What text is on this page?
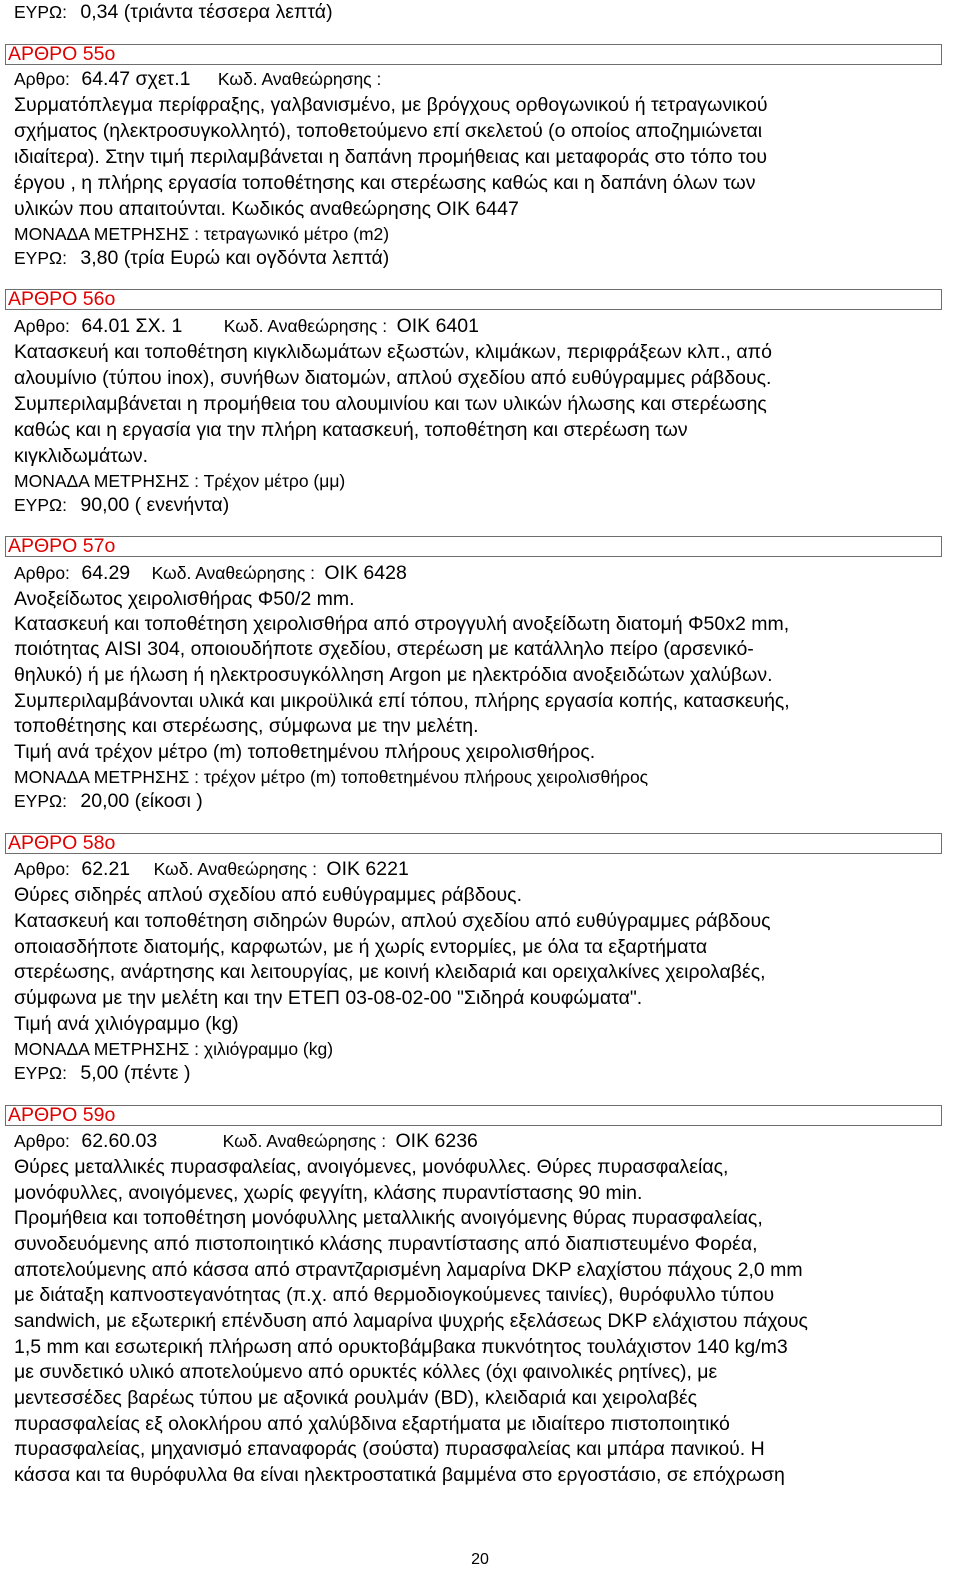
ΕΥΡΩ: 0,34 (τριάντα τέσσερα λεπτά)
ΑΡΘΡΟ 55ο
Αρθρο: 64.47 σχετ.1 Κωδ. Αναθεώρησης :
Συρματόπλεγμα περίφραξης, γαλβανισμένο, με βρόγχους ορθογωνικού ή τετραγωνικού
σχήματος (ηλεκτροσυγκολλητό), τοποθετούμενο επί σκελετού (ο οποίος αποζημιώνεται
ιδιαίτερα). Στην τιμή περιλαμβάνεται η δαπάνη προμήθειας και μεταφοράς στο τόπο του
έργου , η πλήρης εργασία τοποθέτησης και στερέωσης καθώς και η δαπάνη όλων των
υλικών που απαιτούνται. Κωδικός αναθεώρησης ΟΙΚ 6447
ΜΟΝΑΔΑ ΜΕΤΡΗΣΗΣ : τετραγωνικό μέτρο (m2)
ΕΥΡΩ: 3,80 (τρία Ευρώ και ογδόντα λεπτά)
ΑΡΘΡΟ 56ο
Αρθρο: 64.01 ΣΧ. 1 Κωδ. Αναθεώρησης : ΟΙΚ 6401
Κατασκευή και τοποθέτηση κιγκλιδωμάτων εξωστών, κλιμάκων, περιφράξεων κλπ., από
αλουμίνιο (τύπου inox), συνήθων διατομών, απλού σχεδίου από ευθύγραμμες ράβδους.
Συμπεριλαμβάνεται η προμήθεια του αλουμινίου και των υλικών ήλωσης και στερέωσης
καθώς και η εργασία για την πλήρη κατασκευή, τοποθέτηση και στερέωση των
κιγκλιδωμάτων.
ΜΟΝΑΔΑ ΜΕΤΡΗΣΗΣ : Τρέχον μέτρο (μμ)
ΕΥΡΩ: 90,00 ( ενενήντα)
ΑΡΘΡΟ 57ο
Αρθρο: 64.29 Κωδ. Αναθεώρησης : ΟΙΚ 6428
Ανοξείδωτος χειρολισθήρας Φ50/2 mm.
Κατασκευή και τοποθέτηση χειρολισθήρα από στρογγυλή ανοξείδωτη διατομή Φ50x2 mm,
ποιότητας AISI 304, οποιουδήποτε σχεδίου, στερέωση με κατάλληλο πείρο (αρσενικό-
θηλυκό) ή με ήλωση ή ηλεκτροσυγκόλληση Argon με ηλεκτρόδια ανοξειδώτων χαλύβων.
Συμπεριλαμβάνονται υλικά και μικροϋλικά επί τόπου, πλήρης εργασία κοπής, κατασκευής,
τοποθέτησης και στερέωσης, σύμφωνα με την μελέτη.
Τιμή ανά τρέχον μέτρο (m) τοποθετημένου πλήρους χειρολισθήρος.
ΜΟΝΑΔΑ ΜΕΤΡΗΣΗΣ : τρέχον μέτρο (m) τοποθετημένου πλήρους χειρολισθήρος
ΕΥΡΩ: 20,00 (είκοσι )
ΑΡΘΡΟ 58ο
Αρθρο: 62.21 Κωδ. Αναθεώρησης : ΟΙΚ 6221
Θύρες σιδηρές απλού σχεδίου από ευθύγραμμες ράβδους.
Κατασκευή και τοποθέτηση σιδηρών θυρών, απλού σχεδίου από ευθύγραμμες ράβδους
οποιασδήποτε διατομής, καρφωτών, με ή χωρίς εντορμίες, με όλα τα εξαρτήματα
στερέωσης, ανάρτησης και λειτουργίας, με κοινή κλειδαριά και ορειχαλκίνες χειρολαβές,
σύμφωνα με την μελέτη και την ΕΤΕΠ 03-08-02-00 "Σιδηρά κουφώματα".
Τιμή ανά χιλιόγραμμο (kg)
ΜΟΝΑΔΑ ΜΕΤΡΗΣΗΣ : χιλιόγραμμο (kg)
ΕΥΡΩ: 5,00 (πέντε )
ΑΡΘΡΟ 59ο
Αρθρο: 62.60.03	Κωδ. Αναθεώρησης : ΟΙΚ 6236
Θύρες μεταλλικές πυρασφαλείας, ανοιγόμενες, μονόφυλλες. Θύρες πυρασφαλείας,
μονόφυλλες, ανοιγόμενες, χωρίς φεγγίτη, κλάσης πυραντίστασης 90 min.
Προμήθεια και τοποθέτηση μονόφυλλης μεταλλικής ανοιγόμενης θύρας πυρασφαλείας,
συνοδευόμενης από πιστοποιητικό κλάσης πυραντίστασης από διαπιστευμένο Φορέα,
αποτελούμενης από κάσσα από στραντζαρισμένη λαμαρίνα DKP ελαχίστου πάχους 2,0 mm
με διάταξη καπνοστεγανότητας (π.χ. από θερμοδιογκούμενες ταινίες), θυρόφυλλο τύπου
sandwich, με εξωτερική επένδυση από λαμαρίνα ψυχρής εξελάσεως DKP ελάχιστου πάχους
1,5 mm και εσωτερική πλήρωση από ορυκτοβάμβακα πυκνότητος τουλάχιστον 140 kg/m3
με συνδετικό υλικό αποτελούμενο από ορυκτές κόλλες (όχι φαινολικές ρητίνες), με
μεντεσσέδες βαρέως τύπου με αξονικά ρουλμάν (BD), κλειδαριά και χειρολαβές
πυρασφαλείας εξ ολοκλήρου από χαλύβδινα εξαρτήματα με ιδιαίτερο πιστοποιητικό
πυρασφαλείας, μηχανισμό επαναφοράς (σούστα) πυρασφαλείας και μπάρα πανικού. Η
κάσσα και τα θυρόφυλλα θα είναι ηλεκτροστατικά βαμμένα στο εργοστάσιο, σε επόχρωση
20
